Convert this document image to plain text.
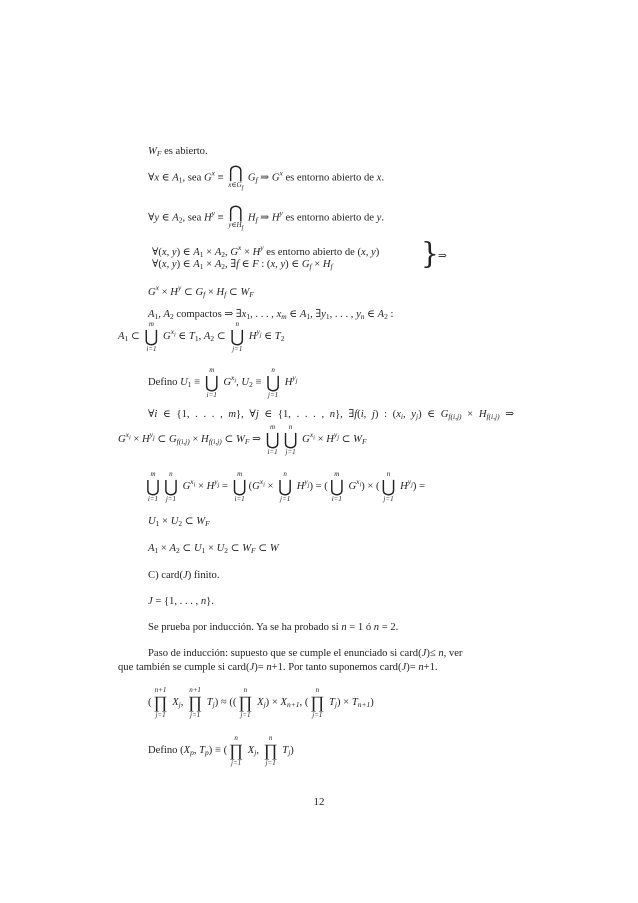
$W_F$ es abierto.
∀x ∈ $A_1$, sea $G^x$ ≡ ⋂
$x\in G_f$
$G_f$ ⇒ $G^x$ es entorno abierto de x.
∀y ∈ $A_2$, sea $H^y$ ≡ ⋂
$y\in H_f$
$H_f$ ⇒ $H^y$ es entorno abierto de y.
∀(x, y) ∈ $A_1 \times A_2$, $G^x \times H^y$ es entorno abierto de (x, y)
∀(x, y) ∈ $A_1 \times A_2$, ∃f ∈ F : (x, y) ∈ $G_f \times H_f$	} ⇒
$G^x \times H^y$ ⊂ $G_f \times H_f$ ⊂ $W_F$
$A_1$, $A_2$ compactos ⇒ $\exists x_1$, . . . , $x_m$ ∈ $A_1$, $\exists y_1$, . . . , $y_n$ ∈ $A_2$ :
$A_1$ ⊂
m
⋃
i=1
$G^{x_i}$ ∈ $T_1$, $A_2$ ⊂
n
⋃
j=1
$H^{y_j}$ ∈ $T_2$
Defino $U_1$ ≡
m
⋃
i=1
$G^{x_i}$, $U_2$ ≡
n
⋃
j=1
$H^{y_j}$
∀i ∈ {1, . . . , m}, ∀j ∈ {1, . . . , n}, ∃f(i, j) : ($x_i$, $y_j$) ∈ $G_{f(i,j)} \times H_{f(i,j)}$ ⇒
$G^{x_i} \times H^{y_j}$ ⊂ $G_{f(i,j)} \times H_{f(i,j)}$ ⊂ $W_F$ ⇒
m
⋃
i=1
n
⋃
j=1
$G^{x_i} \times H^{y_j}$ ⊂ $W_F$
m
⋃
i=1
n
⋃
j=1
$G^{x_i} \times H^{y_j}$ =
m
⋃
i=1
($G^{x_i}$ ×
n
⋃
j=1
$H^{y_j}$) = (
m
⋃
i=1
$G^{x_i}$) × (
n
⋃
j=1
$H^{y_j}$) =
$U_1 \times U_2$ ⊂ $W_F$
$A_1 \times A_2$ ⊂ $U_1 \times U_2$ ⊂ $W_F$ ⊂ W
C) card(J) finito.
J = {1, . . . , n}.
Se prueba por inducción. Ya se ha probado si n = 1 ó n = 2.
Paso de inducción: supuesto que se cumple el enunciado si card(J)≤ n, ver
que también se cumple si card(J)= n+1. Por tanto suponemos card(J)= n+1.
(
n+1
∏
j=1
$X_j$,
n+1
∏
j=1
$T_j$) ≈ ((
n
∏
j=1
$X_j) \times X_{n+1}$, (
n
∏
j=1
$T_j) \times T_{n+1}$)
Defino ($X_p$, $T_p$) ≡ (
n
∏
j=1
$X_j$,
n
∏
j=1
$T_j$)
12
